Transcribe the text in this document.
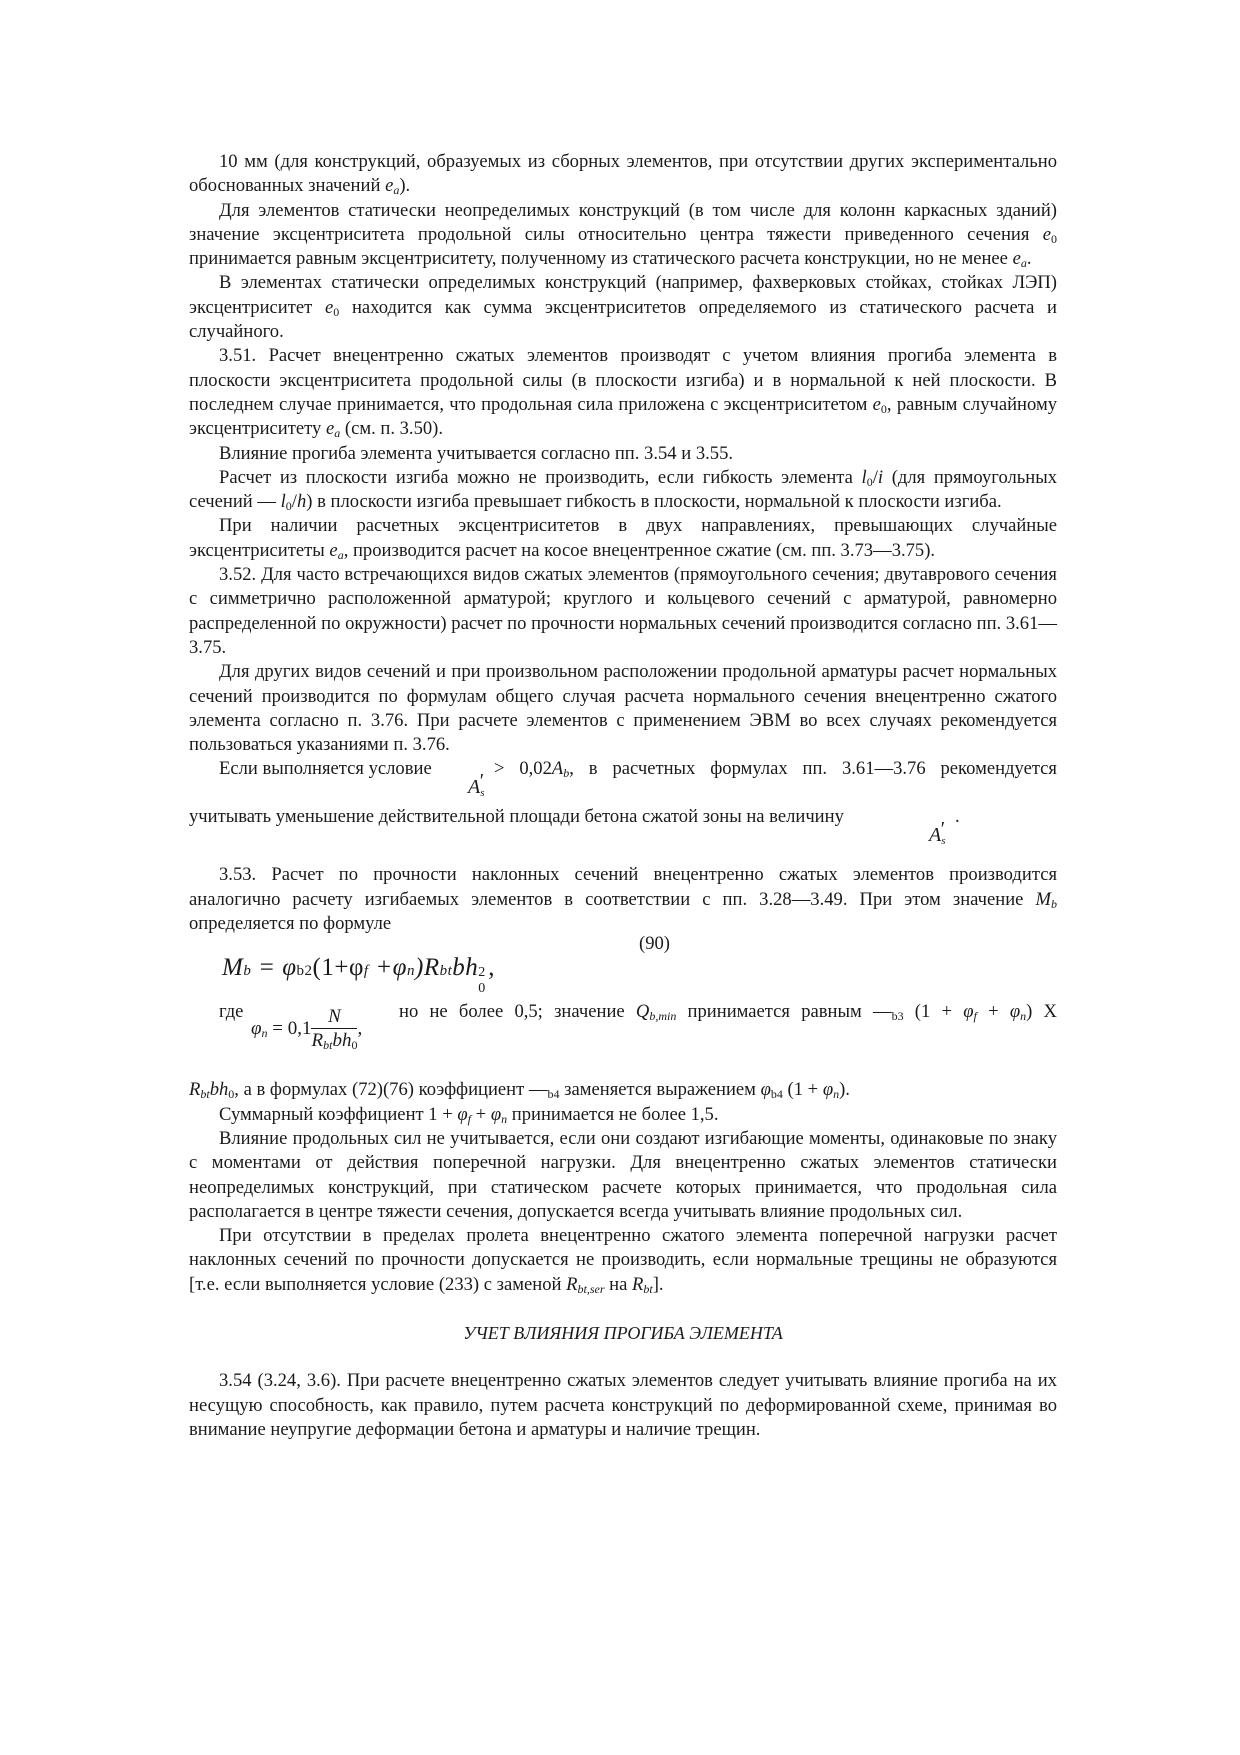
10 мм (для конструкций, образуемых из сборных элементов, при отсутствии других экспериментально обоснованных значений $e_a$).

Для элементов статически неопределимых конструкций (в том числе для колонн каркасных зданий) значение эксцентриситета продольной силы относительно центра тяжести приведенного сечения $e_0$ принимается равным эксцентриситету, полученному из статического расчета конструкции, но не менее $e_a$.

В элементах статически определимых конструкций (например, фахверковых стойках, стойках ЛЭП) эксцентриситет $e_0$ находится как сумма эксцентриситетов определяемого из статического расчета и случайного.

3.51. Расчет внецентренно сжатых элементов производят с учетом влияния прогиба элемента в плоскости эксцентриситета продольной силы (в плоскости изгиба) и в нормальной к ней плоскости. В последнем случае принимается, что продольная сила приложена с эксцентриситетом $e_0$, равным случайному эксцентриситету $e_a$ (см. п. 3.50).

Влияние прогиба элемента учитывается согласно пп. 3.54 и 3.55.

Расчет из плоскости изгиба можно не производить, если гибкость элемента $l_0/i$ (для прямоугольных сечений — $l_0/h$) в плоскости изгиба превышает гибкость в плоскости, нормальной к плоскости изгиба.

При наличии расчетных эксцентриситетов в двух направлениях, превышающих случайные эксцентриситеты $e_a$, производится расчет на косое внецентренное сжатие (см. пп. 3.73—3.75).

3.52. Для часто встречающихся видов сжатых элементов (прямоугольного сечения; двутаврового сечения с симметрично расположенной арматурой; круглого и кольцевого сечений с арматурой, равномерно распределенной по окружности) расчет по прочности нормальных сечений производится согласно пп. 3.61—3.75.

Для других видов сечений и при произвольном расположении продольной арматуры расчет нормальных сечений производится по формулам общего случая расчета нормального сечения внецентренно сжатого элемента согласно п. 3.76. При расчете элементов с применением ЭВМ во всех случаях рекомендуется пользоваться указаниями п. 3.76.

Если выполняется условие
$A_s'$
> $0,02A_b$, в расчетных формулах пп. 3.61—3.76 рекомендуется
учитывать уменьшение действительной площади бетона сжатой зоны на величину
$A_s'$
.

3.53. Расчет по прочности наклонных сечений внецентренно сжатых элементов производится аналогично расчету изгибаемых элементов в соответствии с пп. 3.28—3.49. При этом значение $M_b$ определяется по формуле

(90)
Mb = φb2(1+φf +φn)Rbtbh 2
0
,
где
$\varphi_n = 0,1 \frac{N}{R_{bt}bh_0}$ ,
но не более 0,5; значение $Q_{b,min}$ принимается равным $—_{b3}$ $(1 + \varphi_f + \varphi_n)$ Х

$R_{bt}bh_0$, а в формулах (72)(76) коэффициент $—_{b4}$ заменяется выражением $\varphi_{b4}$ $(1 + \varphi_n)$.

Суммарный коэффициент $1 + \varphi_f + \varphi_n$ принимается не более 1,5.

Влияние продольных сил не учитывается, если они создают изгибающие моменты, одинаковые по знаку с моментами от действия поперечной нагрузки. Для внецентренно сжатых элементов статически неопределимых конструкций, при статическом расчете которых принимается, что продольная сила располагается в центре тяжести сечения, допускается всегда учитывать влияние продольных сил.

При отсутствии в пределах пролета внецентренно сжатого элемента поперечной нагрузки расчет наклонных сечений по прочности допускается не производить, если нормальные трещины не образуются [т.е. если выполняется условие (233) с заменой $R_{bt,ser}$ на $R_{bt}$].

УЧЕТ ВЛИЯНИЯ ПРОГИБА ЭЛЕМЕНТА

3.54 (3.24, 3.6). При расчете внецентренно сжатых элементов следует учитывать влияние прогиба на их несущую способность, как правило, путем расчета конструкций по деформированной схеме, принимая во внимание неупругие деформации бетона и арматуры и наличие трещин.
